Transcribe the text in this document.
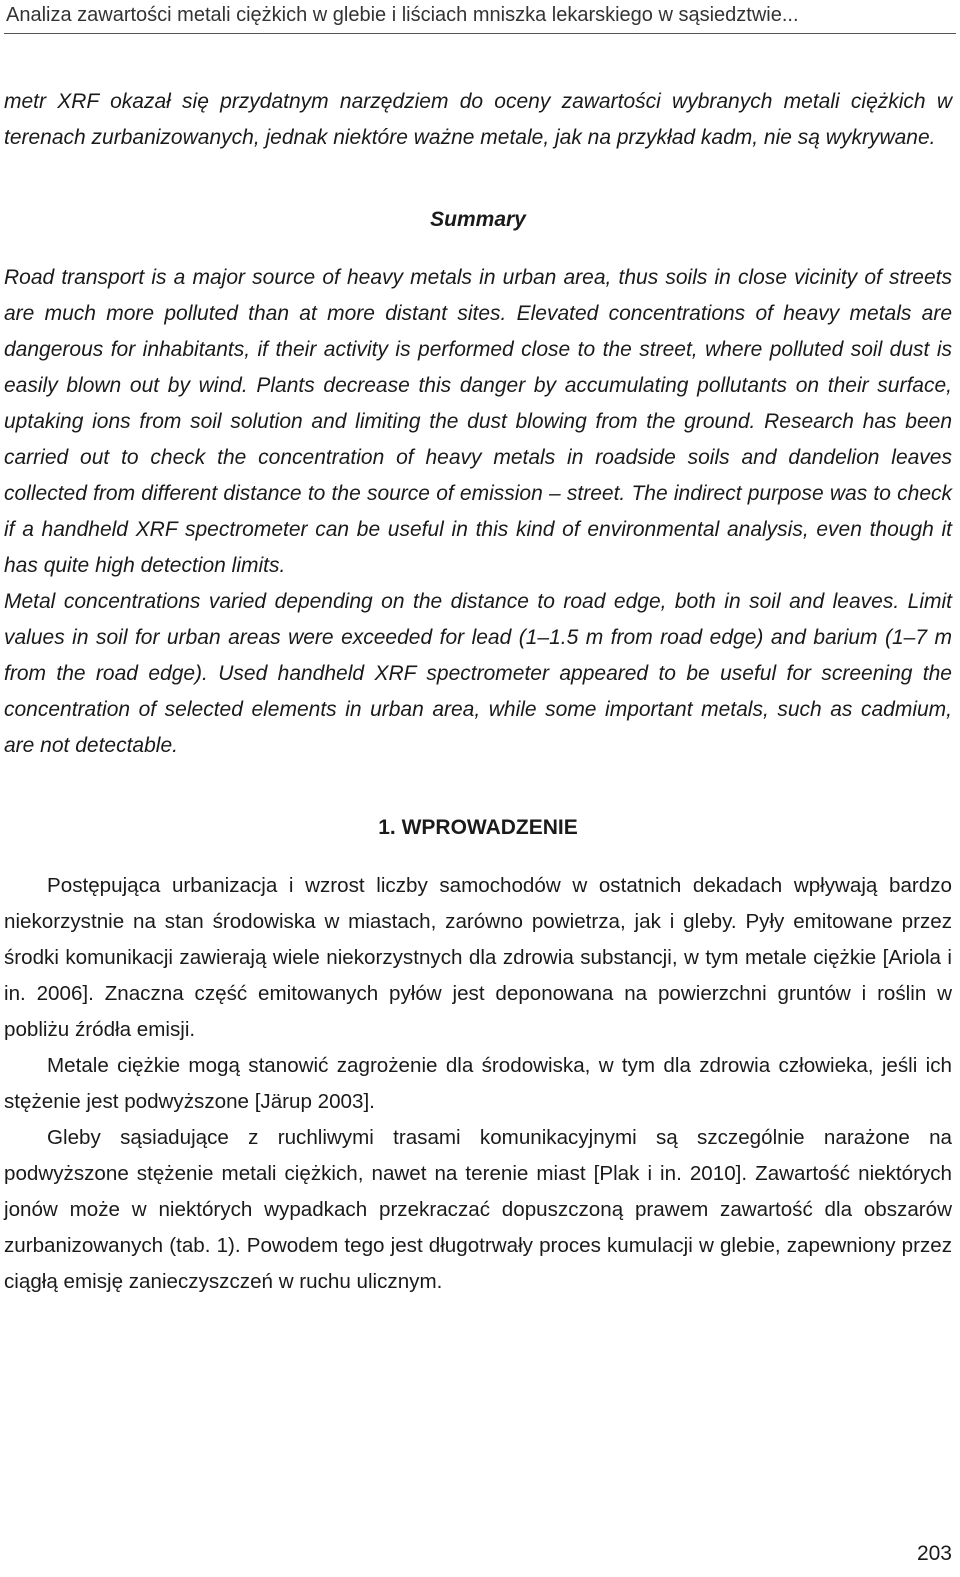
Analiza zawartości metali ciężkich w glebie i liściach mniszka lekarskiego w sąsiedztwie...

metr XRF okazał się przydatnym narzędziem do oceny zawartości wybranych metali ciężkich w terenach zurbanizowanych, jednak niektóre ważne metale, jak na przykład kadm, nie są wykrywane.

Summary

Road transport is a major source of heavy metals in urban area, thus soils in close vicinity of streets are much more polluted than at more distant sites. Elevated concentrations of heavy metals are dangerous for inhabitants, if their activity is performed close to the street, where polluted soil dust is easily blown out by wind. Plants decrease this danger by accumulating pollutants on their surface, uptaking ions from soil solution and limiting the dust blowing from the ground. Research has been carried out to check the concentration of heavy metals in roadside soils and dandelion leaves collected from different distance to the source of emission – street. The indirect purpose was to check if a handheld XRF spectrometer can be useful in this kind of environmental analysis, even though it has quite high detection limits.

Metal concentrations varied depending on the distance to road edge, both in soil and leaves. Limit values in soil for urban areas were exceeded for lead (1–1.5 m from road edge) and barium (1–7 m from the road edge). Used handheld XRF spectrometer appeared to be useful for screening the concentration of selected elements in urban area, while some important metals, such as cadmium, are not detectable.

1. WPROWADZENIE

Postępująca urbanizacja i wzrost liczby samochodów w ostatnich dekadach wpływają bardzo niekorzystnie na stan środowiska w miastach, zarówno powietrza, jak i gleby. Pyły emitowane przez środki komunikacji zawierają wiele niekorzystnych dla zdrowia substancji, w tym metale ciężkie [Ariola i in. 2006]. Znaczna część emitowanych pyłów jest deponowana na powierzchni gruntów i roślin w pobliżu źródła emisji.

Metale ciężkie mogą stanowić zagrożenie dla środowiska, w tym dla zdrowia człowieka, jeśli ich stężenie jest podwyższone [Järup 2003].

Gleby sąsiadujące z ruchliwymi trasami komunikacyjnymi są szczególnie narażone na podwyższone stężenie metali ciężkich, nawet na terenie miast [Plak i in. 2010]. Zawartość niektórych jonów może w niektórych wypadkach przekraczać dopuszczoną prawem zawartość dla obszarów zurbanizowanych (tab. 1). Powodem tego jest długotrwały proces kumulacji w glebie, zapewniony przez ciągłą emisję zanieczyszczeń w ruchu ulicznym.

203
